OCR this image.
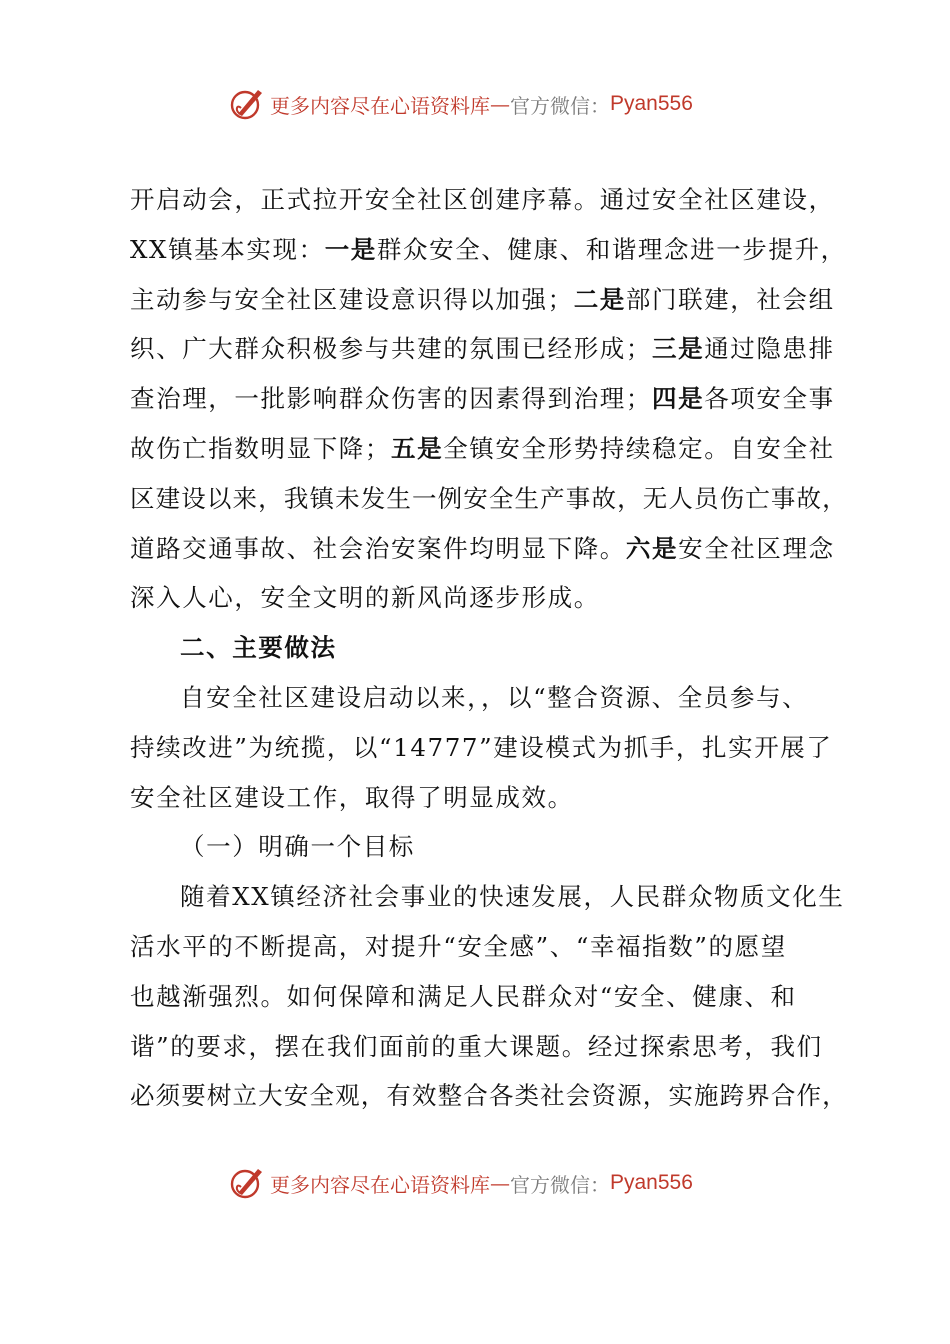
更多内容尽在心语资料库 — 官方微信： Pyan556
开启动会，正式拉开安全社区创建序幕。通过安全社区建设，
XX镇基本实现：一是群众安全、健康、和谐理念进一步提升，
主动参与安全社区建设意识得以加强；二是部门联建，社会组
织、广大群众积极参与共建的氛围已经形成；三是通过隐患排
查治理，一批影响群众伤害的因素得到治理；四是各项安全事
故伤亡指数明显下降；五是全镇安全形势持续稳定。自安全社
区建设以来，我镇未发生一例安全生产事故，无人员伤亡事故，
道路交通事故、社会治安案件均明显下降。六是安全社区理念
深入人心，安全文明的新风尚逐步形成。
二、主要做法
自安全社区建设启动以来，，以“整合资源、全员参与、
持续改进”为统揽，以“14777”建设模式为抓手，扎实开展了
安全社区建设工作，取得了明显成效。
（一）明确一个目标
随着XX镇经济社会事业的快速发展，人民群众物质文化生
活水平的不断提高，对提升“安全感”、“幸福指数”的愿望
也越渐强烈。如何保障和满足人民群众对“安全、健康、和
谐”的要求，摆在我们面前的重大课题。经过探索思考，我们
必须要树立大安全观，有效整合各类社会资源，实施跨界合作，
更多内容尽在心语资料库 — 官方微信： Pyan556
